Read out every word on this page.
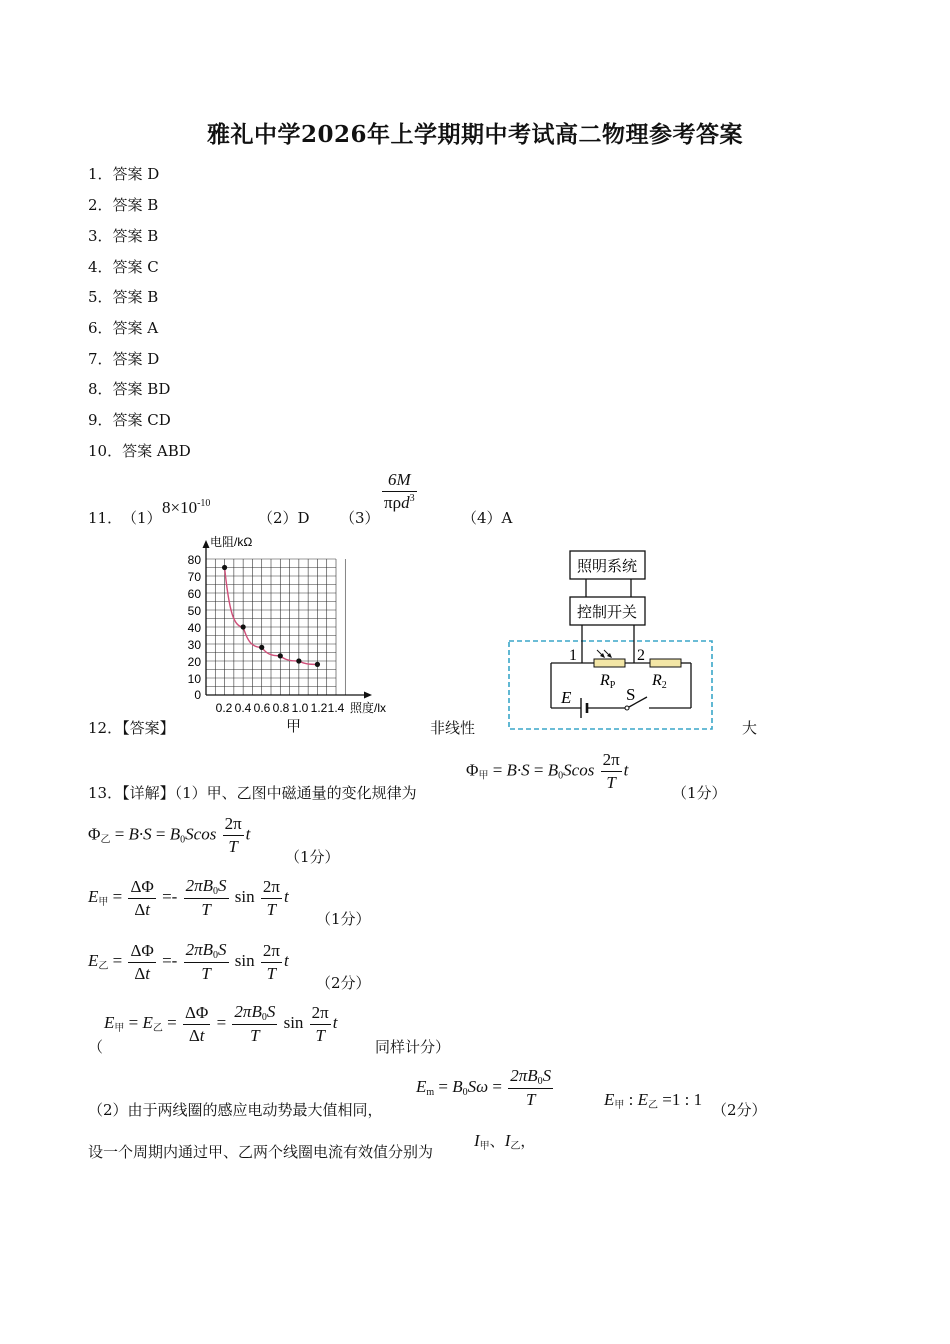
雅礼中学2026年上学期期中考试高二物理参考答案
1．答案 D
2．答案 B
3．答案 B
4．答案 C
5．答案 B
6．答案 A
7．答案 D
8．答案 BD
9．答案 CD
10．答案 ABD
11． （1）
$8\times 10^{-10}$
（2）D （3）
$\frac{6M}{\pi\rho d^3}$
（4）A
电阻/kΩ
照度/lx
80
70
60
50
40
30
20
10
0
0.2 0.4 0.6 0.8 1.0 1.2 1.4
12．【答案】	甲	非线性	大
照明系统
控制开关
1	2
RP R2
E	S
13．【详解】（1）甲、乙图中磁通量的变化规律为
$\Phi_甲 = B\cdot S = B_0Scos \frac{2\pi}{T}$ t
（1分）
$\Phi_乙 = B\cdot S = B_0Scos \frac{2\pi}{T}$ t
（1分）
$E_甲 = \frac{\Delta\Phi}{\Delta t} =- \frac{2\pi B_0S}{T}$ $\sin \frac{2\pi}{T}$ t
（1分）
$E_乙 = \frac{\Delta\Phi}{\Delta t} =- \frac{2\pi B_0S}{T}$ $\sin \frac{2\pi}{T}$ t
（2分）
（
$E_甲 = E_乙 = \frac{\Delta\Phi}{\Delta t} = \frac{2\pi B_0S}{T}$ $\sin \frac{2\pi}{T}$ t
同样计分）
（2）由于两线圈的感应电动势最大值相同，
$E_m = B_0S\omega = \frac{2\pi B_0S}{T}$	$E_甲$ : $E_乙 =1$ : 1
（2分）
设一个周期内通过甲、乙两个线圈电流有效值分别为
$I_甲$、$I_乙$，
